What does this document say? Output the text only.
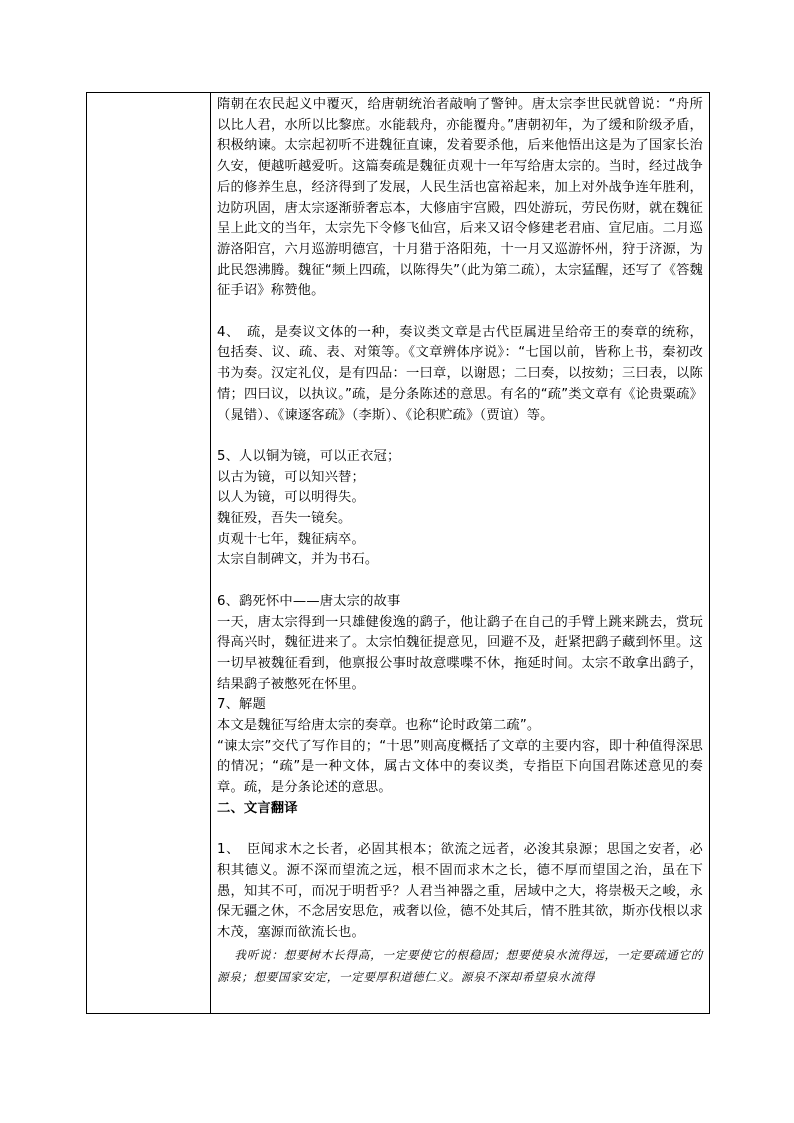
隋朝在农民起义中覆灭，给唐朝统治者敲响了警钟。唐太宗李世民就曾说：“舟所以比人君，水所以比黎庶。水能载舟，亦能覆舟。”唐朝初年，为了缓和阶级矛盾，积极纳谏。太宗起初听不进魏征直谏，发着要杀他，后来他悟出这是为了国家长治久安，便越听越爱听。这篇奏疏是魏征贞观十一年写给唐太宗的。当时，经过战争后的修养生息，经济得到了发展，人民生活也富裕起来，加上对外战争连年胜利，边防巩固，唐太宗逐渐骄奢忘本，大修庙宇宫殿，四处游玩，劳民伤财，就在魏征呈上此文的当年，太宗先下令修飞仙宫，后来又诏令修建老君庙、宣尼庙。二月巡游洛阳宫，六月巡游明德宫，十月猎于洛阳苑，十一月又巡游怀州，狩于济源，为此民怨沸腾。魏征“频上四疏，以陈得失”（此为第二疏），太宗猛醒，还写了《答魏征手诏》称赞他。

4、　疏，是奏议文体的一种，奏议类文章是古代臣属进呈给帝王的奏章的统称，包括奏、议、疏、表、对策等。《文章辨体序说》：“七国以前，皆称上书，秦初改书为奏。汉定礼仪，是有四品：一曰章，以谢恩；二曰奏，以按劾；三曰表，以陈情；四曰议，以执议。”疏，是分条陈述的意思。有名的“疏”类文章有《论贵粟疏》（晁错）、《谏逐客疏》（李斯）、《论积贮疏》（贾谊）等。

5、人以铜为镜，可以正衣冠；

以古为镜，可以知兴替；

以人为镜，可以明得失。

魏征殁，吾失一镜矣。

贞观十七年，魏征病卒。

太宗自制碑文，并为书石。

6、鹞死怀中——唐太宗的故事

一天，唐太宗得到一只雄健俊逸的鹞子，他让鹞子在自己的手臂上跳来跳去，赏玩得高兴时，魏征进来了。太宗怕魏征提意见，回避不及，赶紧把鹞子藏到怀里。这一切早被魏征看到，他禀报公事时故意喋喋不休，拖延时间。太宗不敢拿出鹞子，结果鹞子被憋死在怀里。

7、解题

本文是魏征写给唐太宗的奏章。也称“论时政第二疏”。

“谏太宗”交代了写作目的；“十思”则高度概括了文章的主要内容，即十种值得深思的情况；“疏”是一种文体，属古文体中的奏议类，专指臣下向国君陈述意见的奏章。疏，是分条论述的意思。

二、文言翻译

1、　臣闻求木之长者，必固其根本；欲流之远者，必浚其泉源；思国之安者，必积其德义。源不深而望流之远，根不固而求木之长，德不厚而望国之治，虽在下愚，知其不可，而况于明哲乎？人君当神器之重，居域中之大，将崇极天之峻，永保无疆之休，不念居安思危，戒奢以俭，德不处其后，情不胜其欲，斯亦伐根以求木茂，塞源而欲流长也。

我听说：想要树木长得高，一定要使它的根稳固；想要使泉水流得远，一定要疏通它的源泉；想要国家安定，一定要厚积道德仁义。源泉不深却希望泉水流得
